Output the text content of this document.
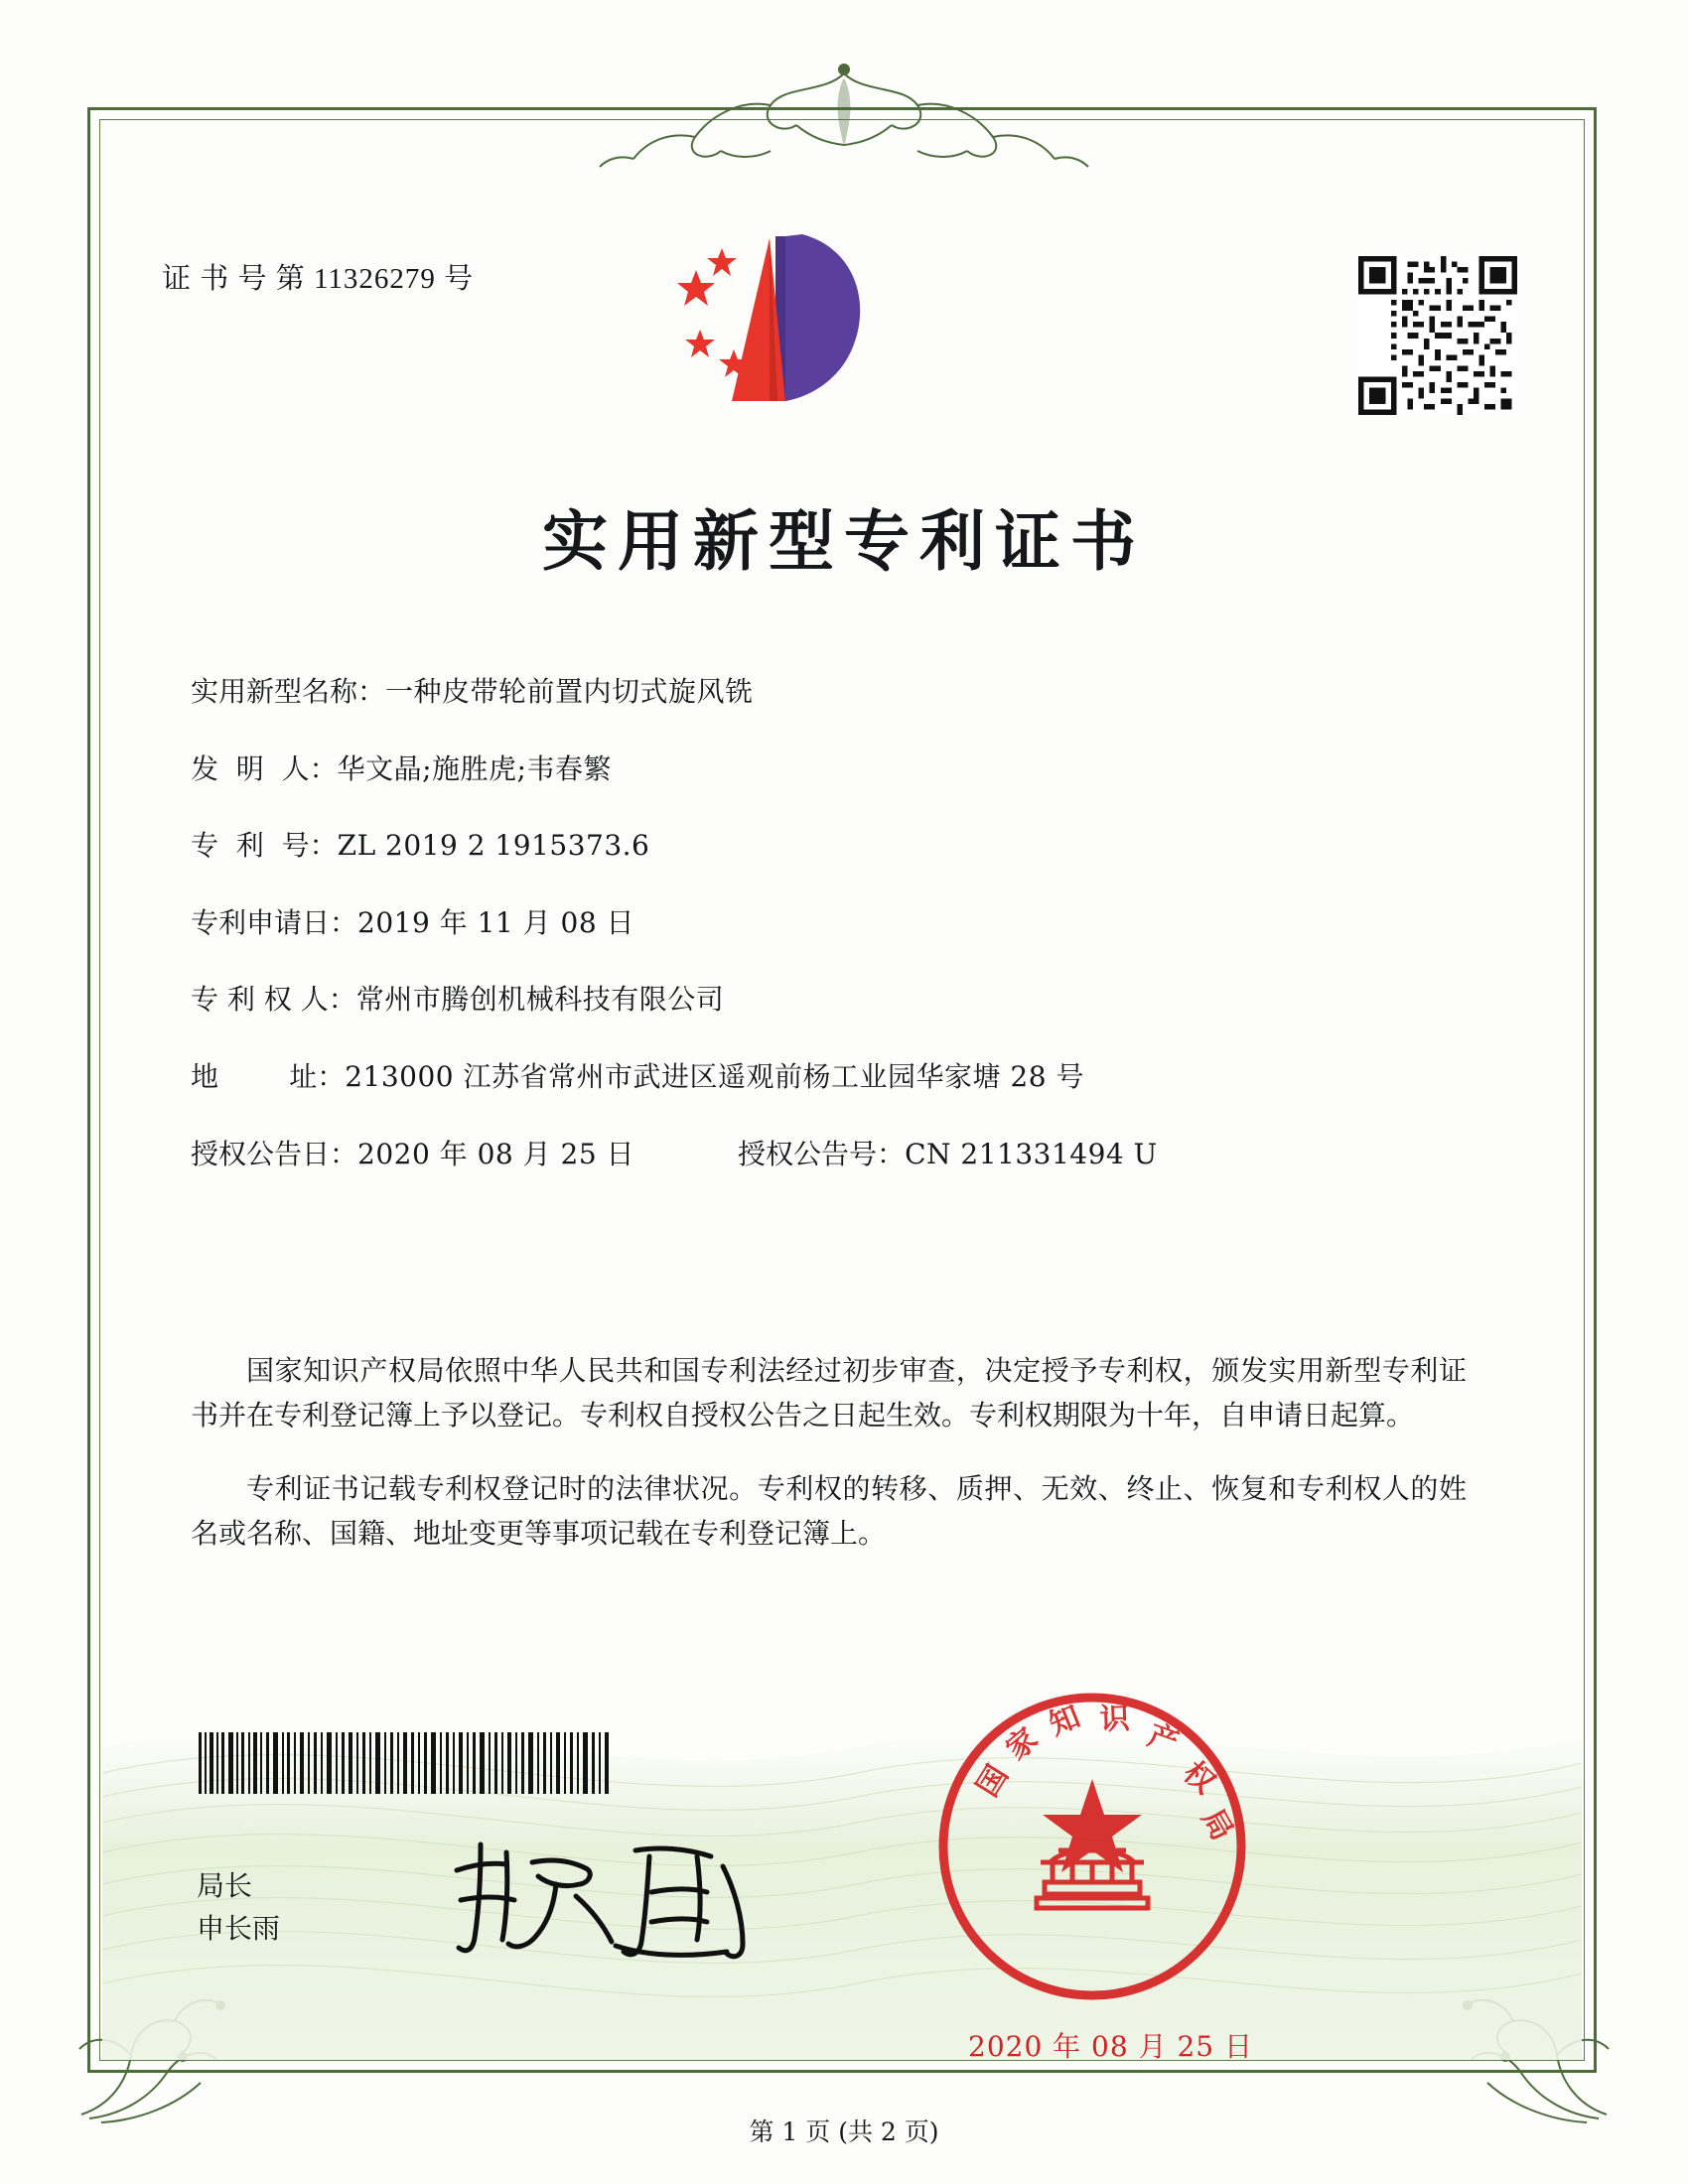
证 书 号 第 11326279 号
实用新型专利证书
实用新型名称： 一种皮带轮前置内切式旋风铣
发  明  人： 华文晶;施胜虎;韦春繁
专  利  号： ZL 2019 2 1915373.6
专利申请日： 2019 年 11 月 08 日
专 利 权 人： 常州市腾创机械科技有限公司
地        址： 213000 江苏省常州市武进区遥观前杨工业园华家塘 28 号
授权公告日： 2020 年 08 月 25 日	授权公告号： CN 211331494 U

国家知识产权局依照中华人民共和国专利法经过初步审查，决定授予专利权，颁发实用新型专利证书并在专利登记簿上予以登记。专利权自授权公告之日起生效。专利权期限为十年，自申请日起算。

专利证书记载专利权登记时的法律状况。专利权的转移、质押、无效、终止、恢复和专利权人的姓名或名称、国籍、地址变更等事项记载在专利登记簿上。

局长
申长雨
国
家
知 识 产
权
局
2020 年 08 月 25 日
第 1 页 (共 2 页)
